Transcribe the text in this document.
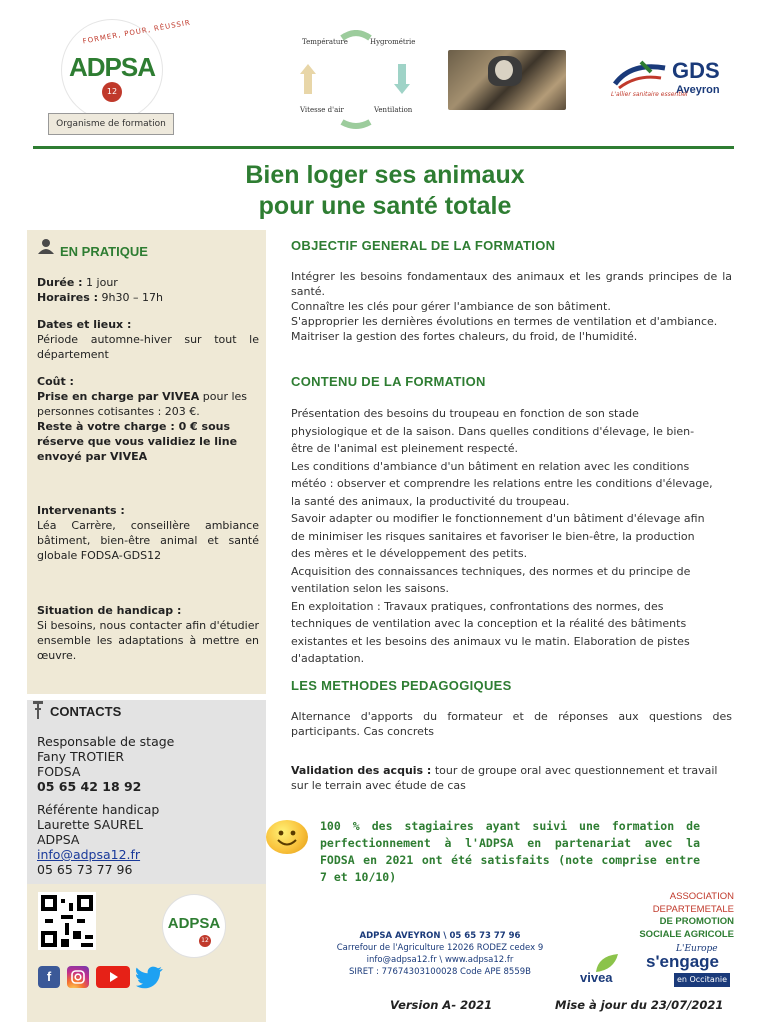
FORMER, POUR, RÉUSSIR
ADPSA
12
Organisme de formation
Température	Hygrométrie
Ventilation
Vitesse d'air
GDS
Aveyron
L'allier sanitaire essentiel
Bien loger ses animaux
pour une santé totale
EN PRATIQUE
Durée : 1 jour
Horaires : 9h30 – 17h
Dates et lieux :
Période automne-hiver sur tout le département
Coût :
Prise en charge par VIVEA pour les personnes cotisantes : 203 €.
Reste à votre charge : 0 € sous réserve que vous validiez le line envoyé par VIVEA
Intervenants :
Léa Carrère, conseillère ambiance bâtiment, bien-être animal et santé globale FODSA-GDS12
Situation de handicap :
Si besoins, nous contacter afin d'étudier ensemble les adaptations à mettre en œuvre.
CONTACTS
Responsable de stage
Fany TROTIER
FODSA
05 65 42 18 92
Référente handicap
Laurette SAUREL
ADPSA
info@adpsa12.fr
05 65 73 77 96
OBJECTIF GENERAL DE LA FORMATION
Intégrer les besoins fondamentaux des animaux et les grands principes de la santé.
Connaître les clés pour gérer l'ambiance de son bâtiment.
S'approprier les dernières évolutions en termes de ventilation et d'ambiance.
Maitriser la gestion des fortes chaleurs, du froid, de l'humidité.
CONTENU DE LA FORMATION
Présentation des besoins du troupeau en fonction de son stade physiologique et de la saison. Dans quelles conditions d'élevage, le bien-être de l'animal est pleinement respecté.
Les conditions d'ambiance d'un bâtiment en relation avec les conditions météo : observer et comprendre les relations entre les conditions d'élevage, la santé des animaux, la productivité du troupeau.
Savoir adapter ou modifier le fonctionnement d'un bâtiment d'élevage afin de minimiser les risques sanitaires et favoriser le bien-être, la production des mères et le développement des petits.
Acquisition des connaissances techniques, des normes et du principe de ventilation selon les saisons.
En exploitation : Travaux pratiques, confrontations des normes, des techniques de ventilation avec la conception et la réalité des bâtiments existantes et les besoins des animaux vu le matin. Elaboration de pistes d'adaptation.
LES METHODES PEDAGOGIQUES
Alternance d'apports du formateur et de réponses aux questions des participants. Cas concrets
Validation des acquis : tour de groupe oral avec questionnement et travail sur le terrain avec étude de cas
100 % des stagiaires ayant suivi une formation de perfectionnement à l'ADPSA en partenariat avec la FODSA en 2021 ont été satisfaits (note comprise entre 7 et 10/10)
ADPSA
12
f
ADPSA AVEYRON \ 05 65 73 77 96
Carrefour de l'Agriculture 12026 RODEZ cedex 9
info@adpsa12.fr \ www.adpsa12.fr
SIRET : 77674303100028 Code APE 8559B
ASSOCIATION
DEPARTEMETALE
DE PROMOTION
SOCIALE AGRICOLE
vivea
L'Europe
s'engage
en Occitanie
Version A- 2021	Mise à jour du 23/07/2021
